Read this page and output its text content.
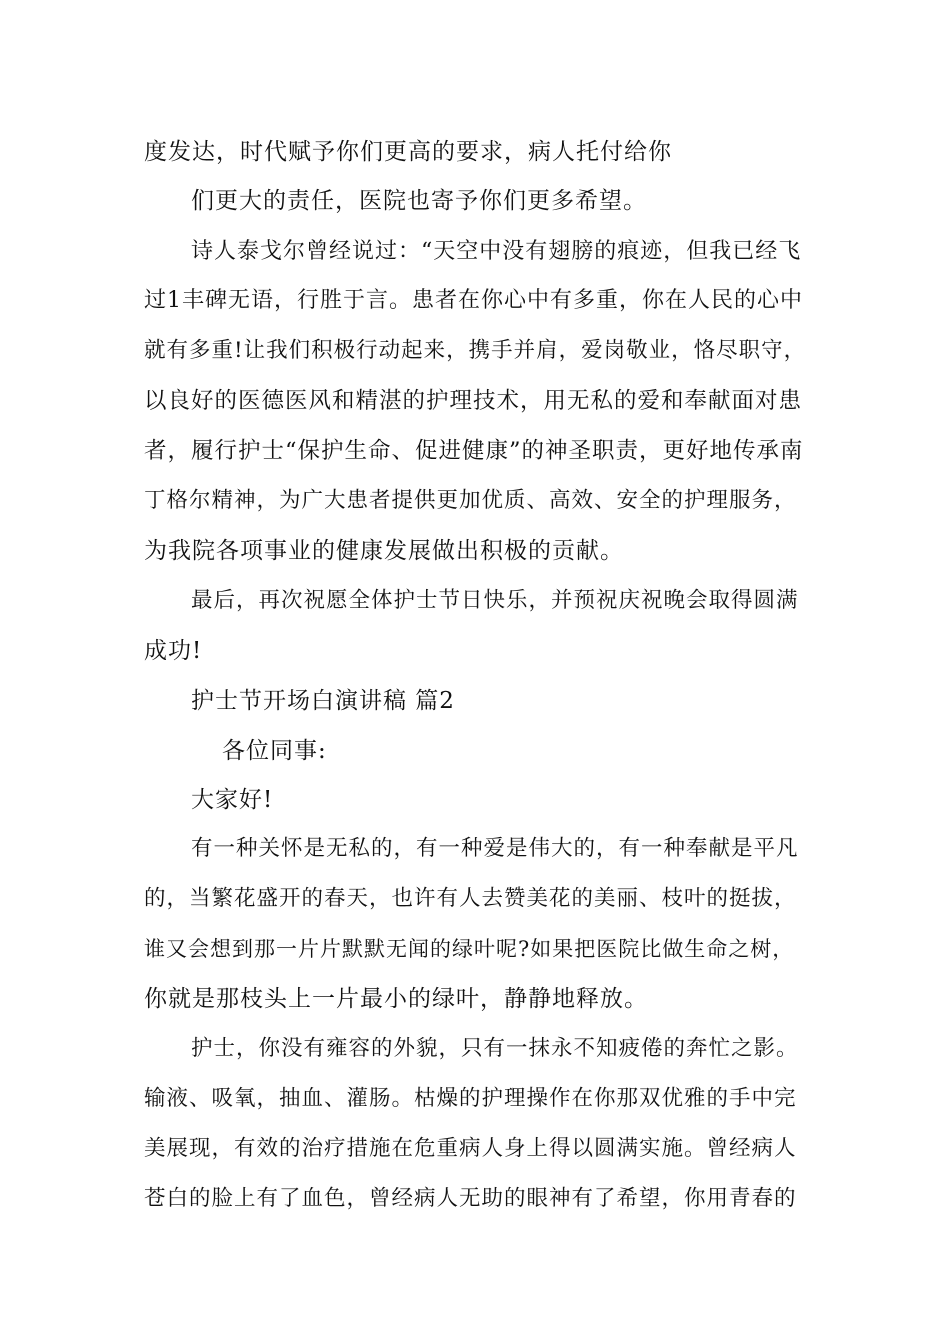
度发达，时代赋予你们更高的要求，病人托付给你
们更大的责任，医院也寄予你们更多希望。
诗人泰戈尔曾经说过：“天空中没有翅膀的痕迹，但我已经飞
过1丰碑无语，行胜于言。患者在你心中有多重，你在人民的心中
就有多重!让我们积极行动起来，携手并肩，爱岗敬业，恪尽职守，
以良好的医德医风和精湛的护理技术，用无私的爱和奉献面对患
者，履行护士“保护生命、促进健康”的神圣职责，更好地传承南
丁格尔精神，为广大患者提供更加优质、高效、安全的护理服务，
为我院各项事业的健康发展做出积极的贡献。
最后，再次祝愿全体护士节日快乐，并预祝庆祝晚会取得圆满
成功!
护士节开场白演讲稿 篇2
各位同事:
大家好!
有一种关怀是无私的，有一种爱是伟大的，有一种奉献是平凡
的，当繁花盛开的春天，也许有人去赞美花的美丽、枝叶的挺拔，
谁又会想到那一片片默默无闻的绿叶呢?如果把医院比做生命之树，
你就是那枝头上一片最小的绿叶，静静地释放。
护士，你没有雍容的外貌，只有一抹永不知疲倦的奔忙之影。
输液、吸氧，抽血、灌肠。枯燥的护理操作在你那双优雅的手中完
美展现，有效的治疗措施在危重病人身上得以圆满实施。曾经病人
苍白的脸上有了血色，曾经病人无助的眼神有了希望，你用青春的
